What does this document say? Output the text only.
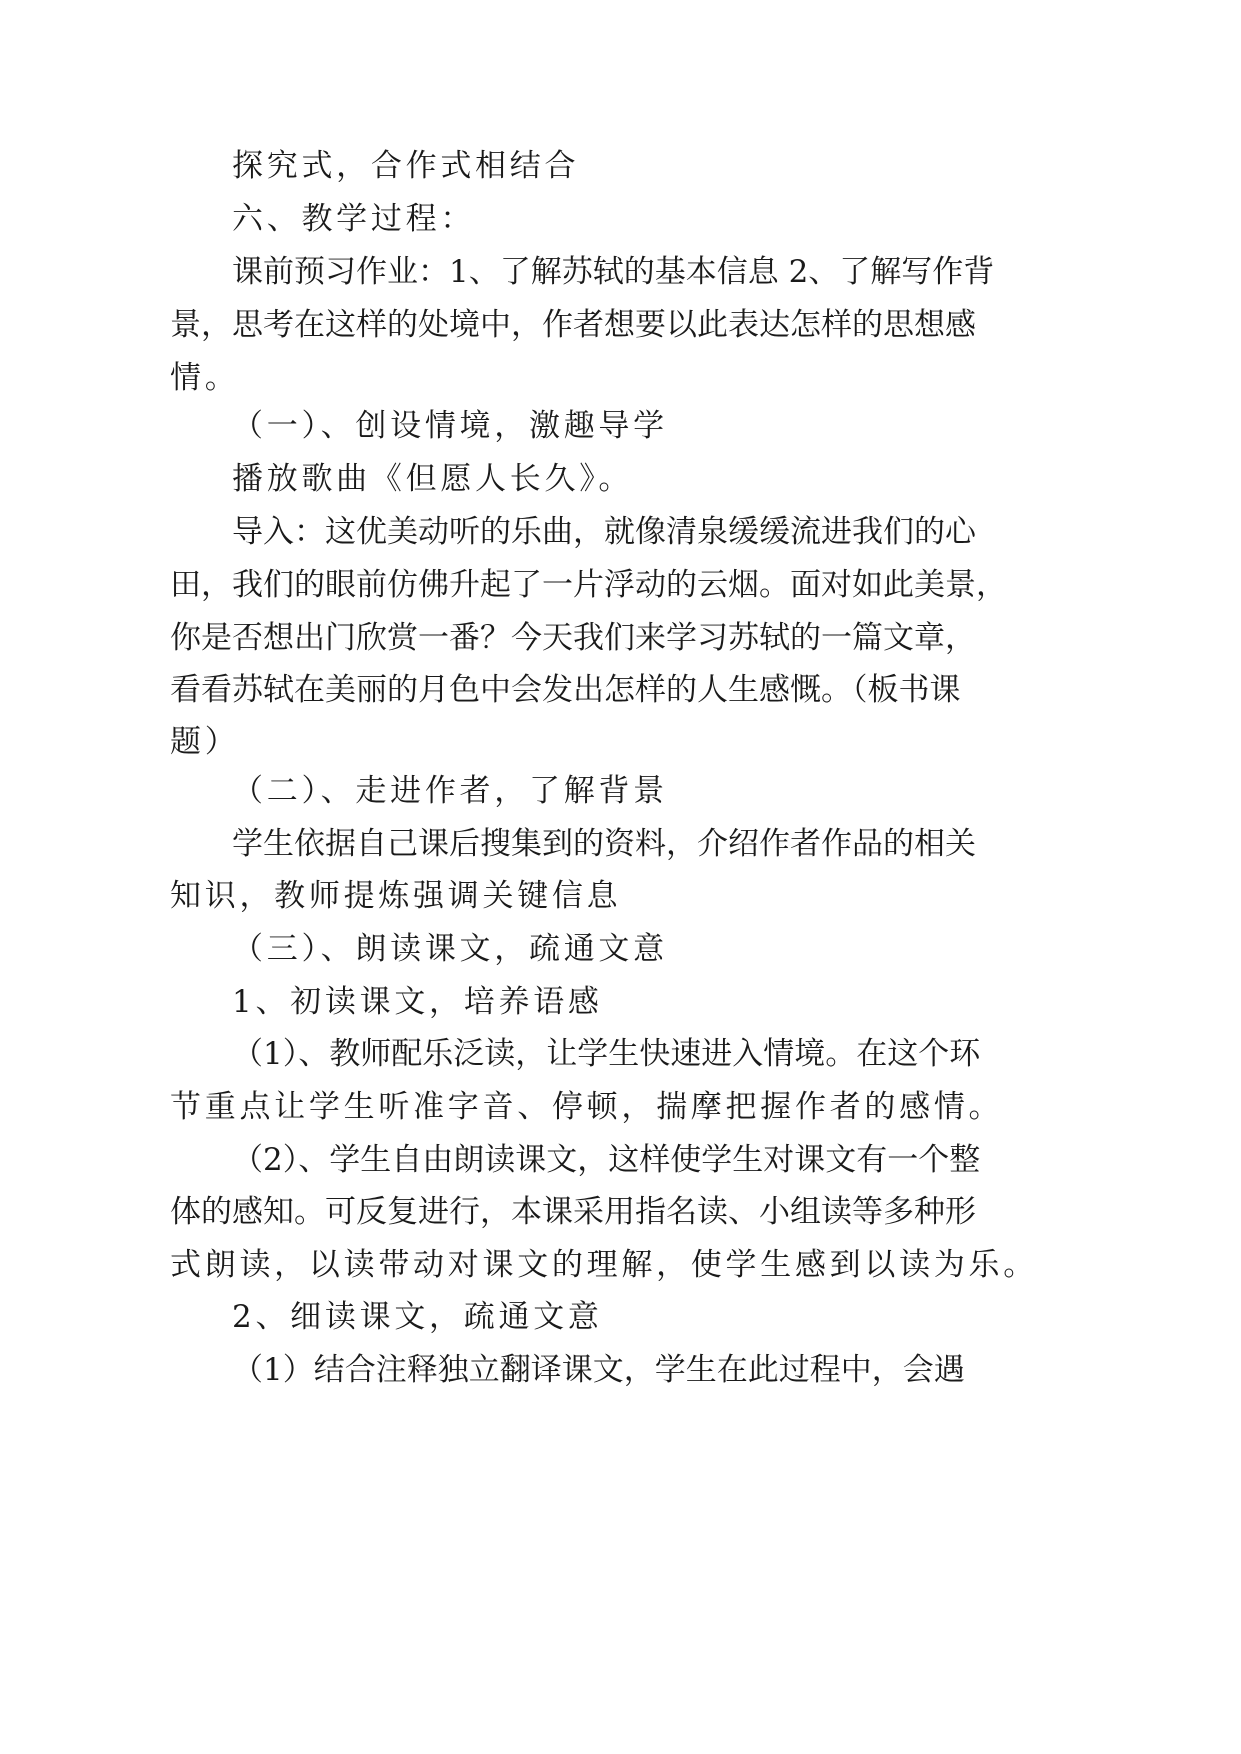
探究式，合作式相结合
六、教学过程：
课前预习作业：1、了解苏轼的基本信息 2、了解写作背
景，思考在这样的处境中，作者想要以此表达怎样的思想感
情。
（一）、创设情境，激趣导学
播放歌曲《但愿人长久》。
导入：这优美动听的乐曲，就像清泉缓缓流进我们的心
田，我们的眼前仿佛升起了一片浮动的云烟。面对如此美景，
你是否想出门欣赏一番？今天我们来学习苏轼的一篇文章，
看看苏轼在美丽的月色中会发出怎样的人生感慨。（板书课
题）
（二）、走进作者，了解背景
学生依据自己课后搜集到的资料，介绍作者作品的相关
知识，教师提炼强调关键信息
（三）、朗读课文，疏通文意
1、初读课文，培养语感
（1）、教师配乐泛读，让学生快速进入情境。在这个环
节重点让学生听准字音、停顿，揣摩把握作者的感情。
（2）、学生自由朗读课文，这样使学生对课文有一个整
体的感知。可反复进行，本课采用指名读、小组读等多种形
式朗读，以读带动对课文的理解，使学生感到以读为乐。
2、细读课文，疏通文意
（1）结合注释独立翻译课文，学生在此过程中，会遇
